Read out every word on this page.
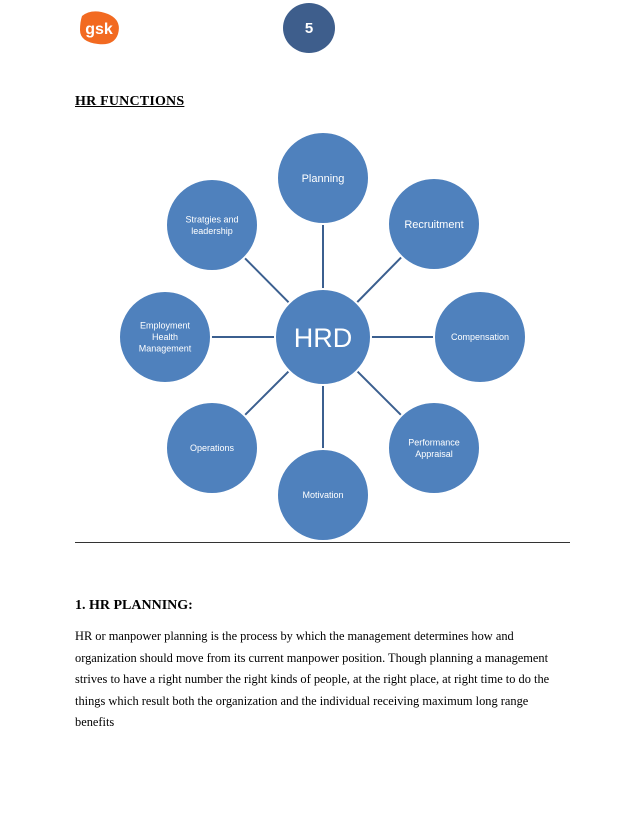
gsk	5
HR FUNCTIONS
Planning
Recruitment
Compensation
Performance
Appraisal
Motivation
Operations
Employment
Health
Management
Stratgies and
leadership
HRD
1. HR PLANNING:
HR or manpower planning is the process by which the management determines how and
organization should move from its current manpower position. Though planning a management
strives to have a right number the right kinds of people, at the right place, at right time to do the
things which result both the organization and the individual receiving maximum long range
benefits
